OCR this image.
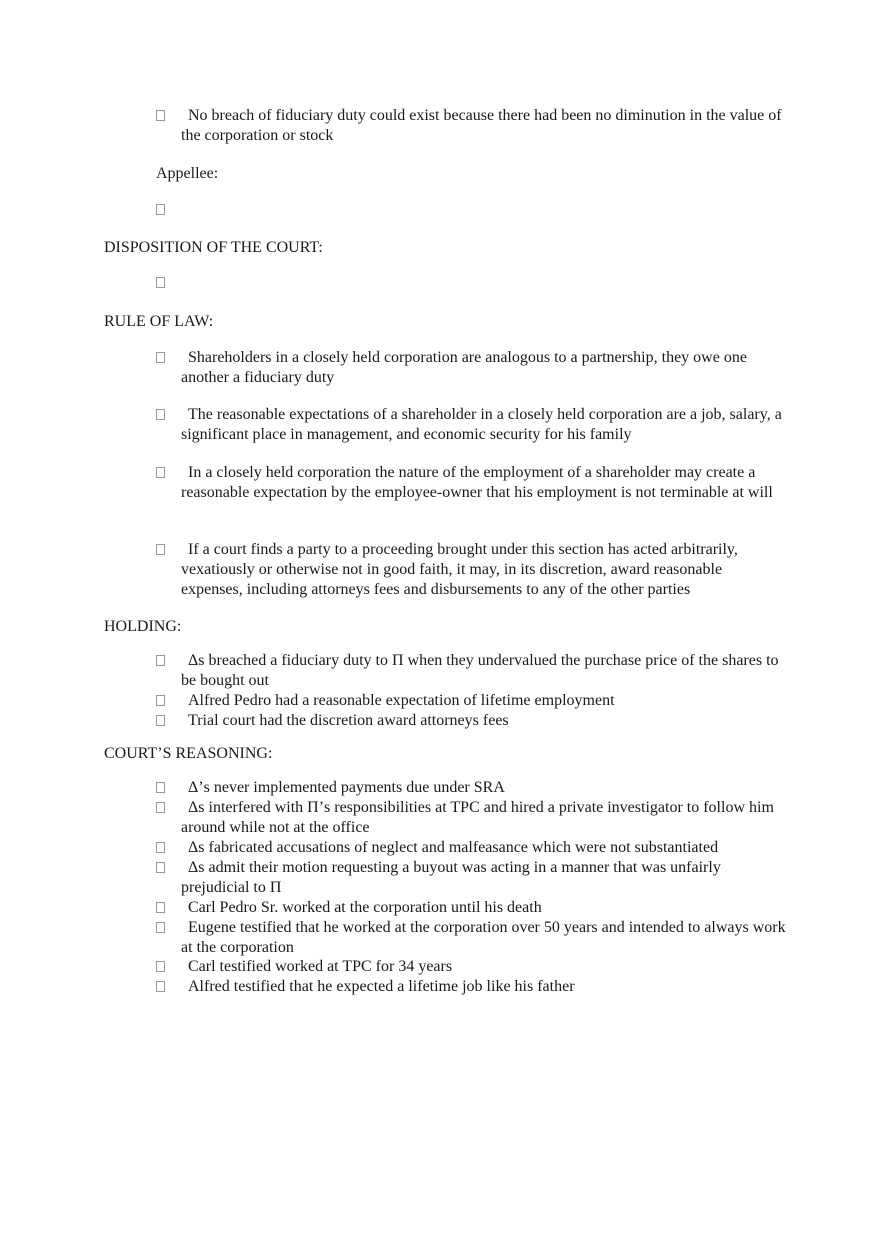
No breach of fiduciary duty could exist because there had been no diminution in the value of the corporation or stock
Appellee:
DISPOSITION OF THE COURT:
RULE OF LAW:
Shareholders in a closely held corporation are analogous to a partnership, they owe one another a fiduciary duty
The reasonable expectations of a shareholder in a closely held corporation are a job, salary, a significant place in management, and economic security for his family
In a closely held corporation the nature of the employment of a shareholder may create a reasonable expectation by the employee-owner that his employment is not terminable at will
If a court finds a party to a proceeding brought under this section has acted arbitrarily, vexatiously or otherwise not in good faith, it may, in its discretion, award reasonable expenses, including attorneys fees and disbursements to any of the other parties
HOLDING:
Δs breached a fiduciary duty to Π when they undervalued the purchase price of the shares to be bought out
Alfred Pedro had a reasonable expectation of lifetime employment
Trial court had the discretion award attorneys fees
COURT’S REASONING:
Δ’s never implemented payments due under SRA
Δs interfered with Π’s responsibilities at TPC and hired a private investigator to follow him around while not at the office
Δs fabricated accusations of neglect and malfeasance which were not substantiated
Δs admit their motion requesting a buyout was acting in a manner that was unfairly prejudicial to Π
Carl Pedro Sr. worked at the corporation until his death
Eugene testified that he worked at the corporation over 50 years and intended to always work at the corporation
Carl testified worked at TPC for 34 years
Alfred testified that he expected a lifetime job like his father
